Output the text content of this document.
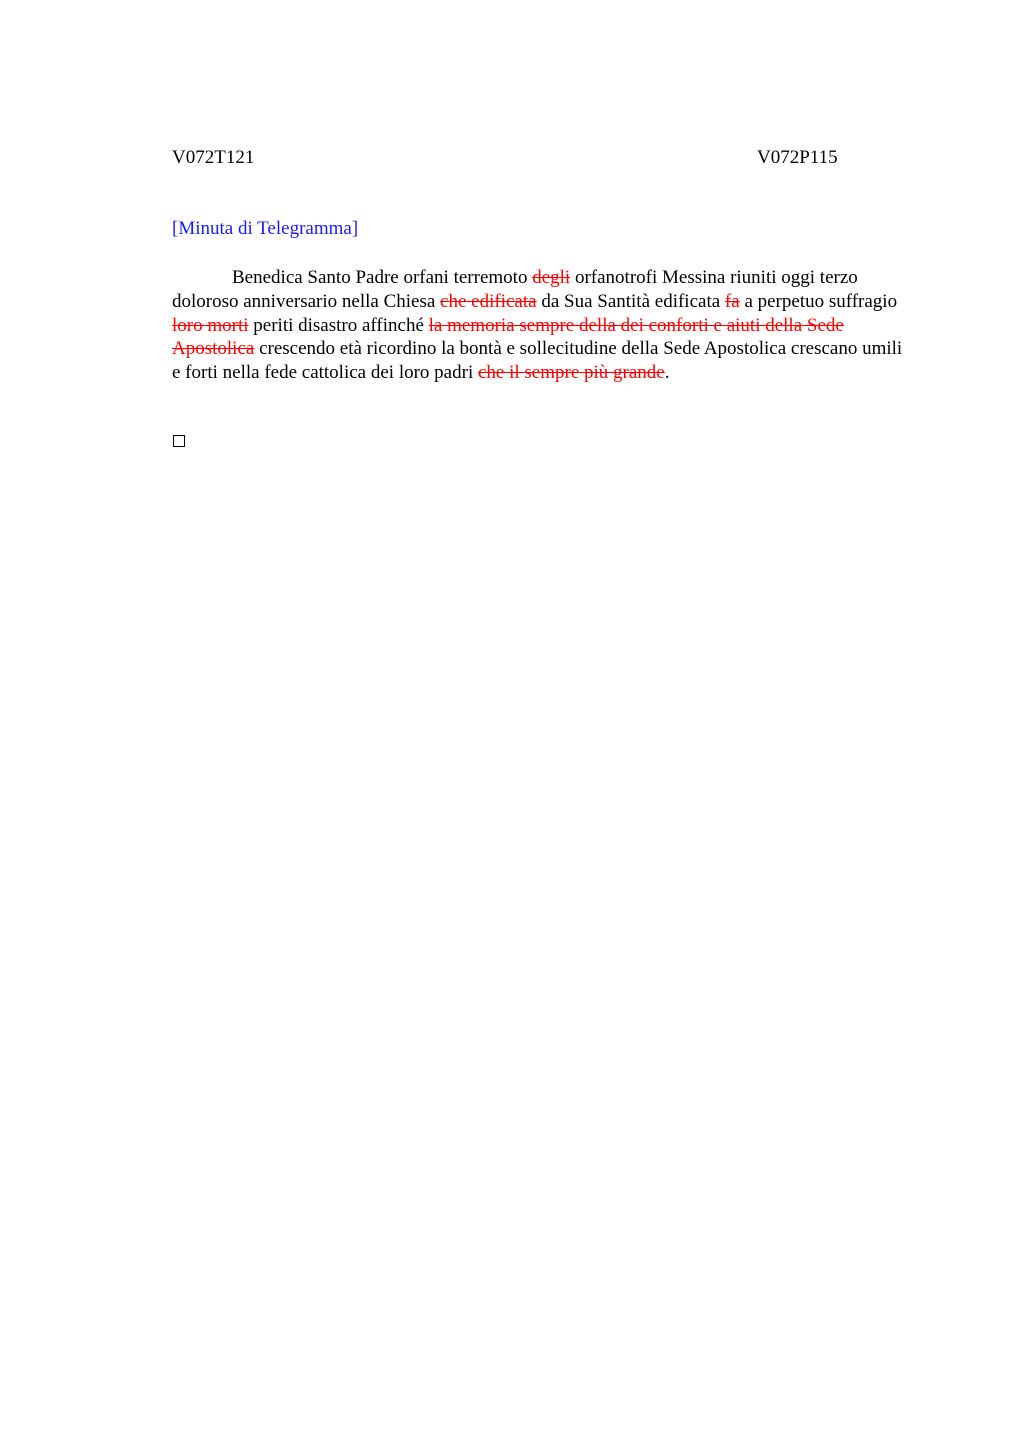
V072T121	V072P115
[Minuta di Telegramma]

Benedica Santo Padre orfani terremoto degli orfanotrofi Messina riuniti oggi terzo doloroso anniversario nella Chiesa che edificata da Sua Santità edificata fa a perpetuo suffragio loro morti periti disastro affinché la memoria sempre della dei conforti e aiuti della Sede Apostolica crescendo età ricordino la bontà e sollecitudine della Sede Apostolica crescano umili e forti nella fede cattolica dei loro padri che il sempre più grande.
